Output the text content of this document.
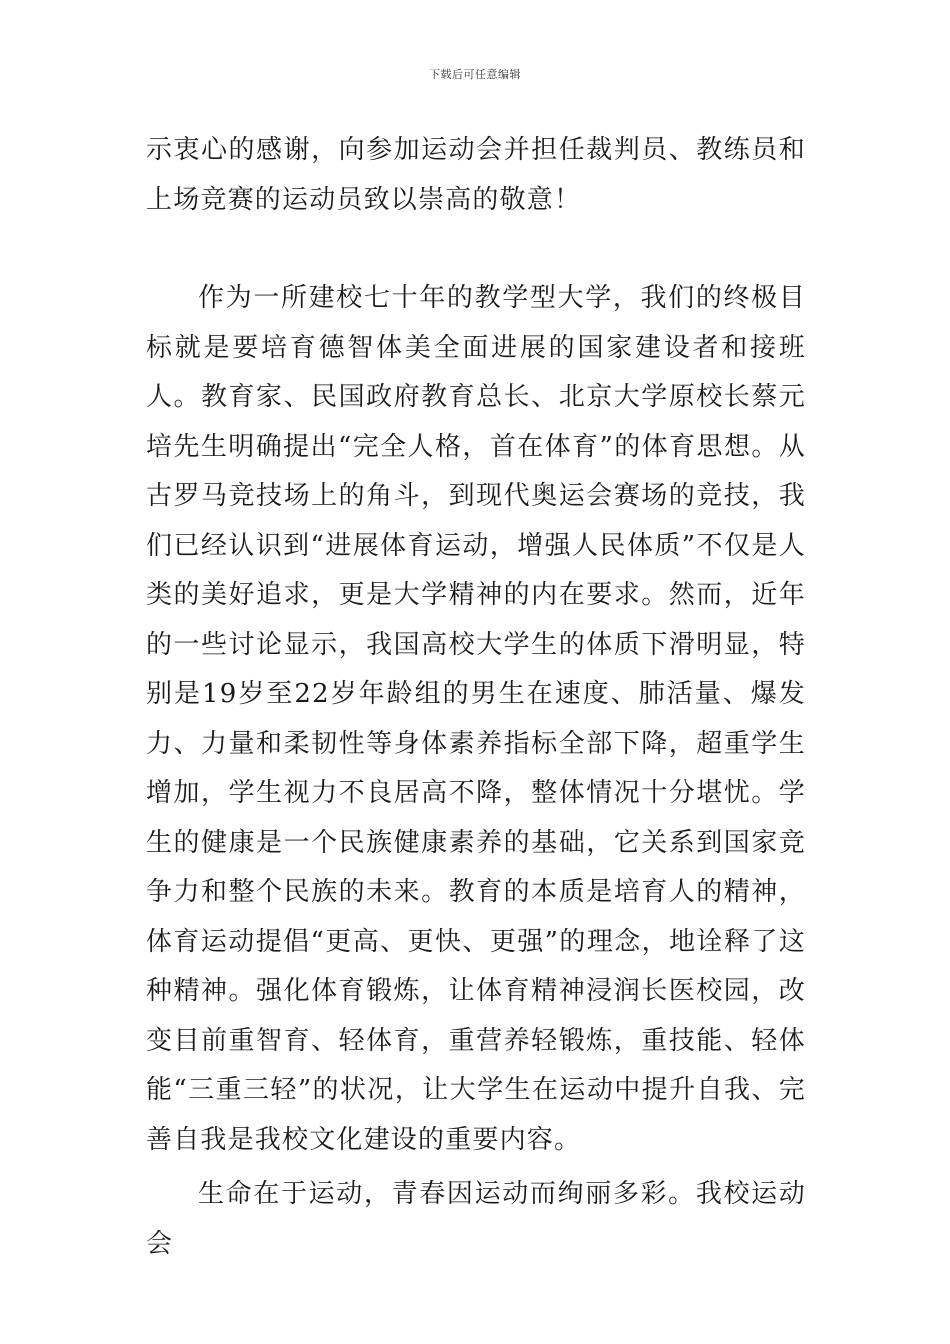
下载后可任意编辑

示衷心的感谢，向参加运动会并担任裁判员、教练员和上场竞赛的运动员致以崇高的敬意！

作为一所建校七十年的教学型大学，我们的终极目标就是要培育德智体美全面进展的国家建设者和接班人。教育家、民国政府教育总长、北京大学原校长蔡元培先生明确提出“完全人格，首在体育”的体育思想。从古罗马竞技场上的角斗，到现代奥运会赛场的竞技，我们已经认识到“进展体育运动，增强人民体质”不仅是人类的美好追求，更是大学精神的内在要求。然而，近年的一些讨论显示，我国高校大学生的体质下滑明显，特别是19岁至22岁年龄组的男生在速度、肺活量、爆发力、力量和柔韧性等身体素养指标全部下降，超重学生增加，学生视力不良居高不降，整体情况十分堪忧。学生的健康是一个民族健康素养的基础，它关系到国家竞争力和整个民族的未来。教育的本质是培育人的精神，体育运动提倡“更高、更快、更强”的理念，地诠释了这种精神。强化体育锻炼，让体育精神浸润长医校园，改变目前重智育、轻体育，重营养轻锻炼，重技能、轻体能“三重三轻”的状况，让大学生在运动中提升自我、完善自我是我校文化建设的重要内容。

生命在于运动，青春因运动而绚丽多彩。我校运动会
